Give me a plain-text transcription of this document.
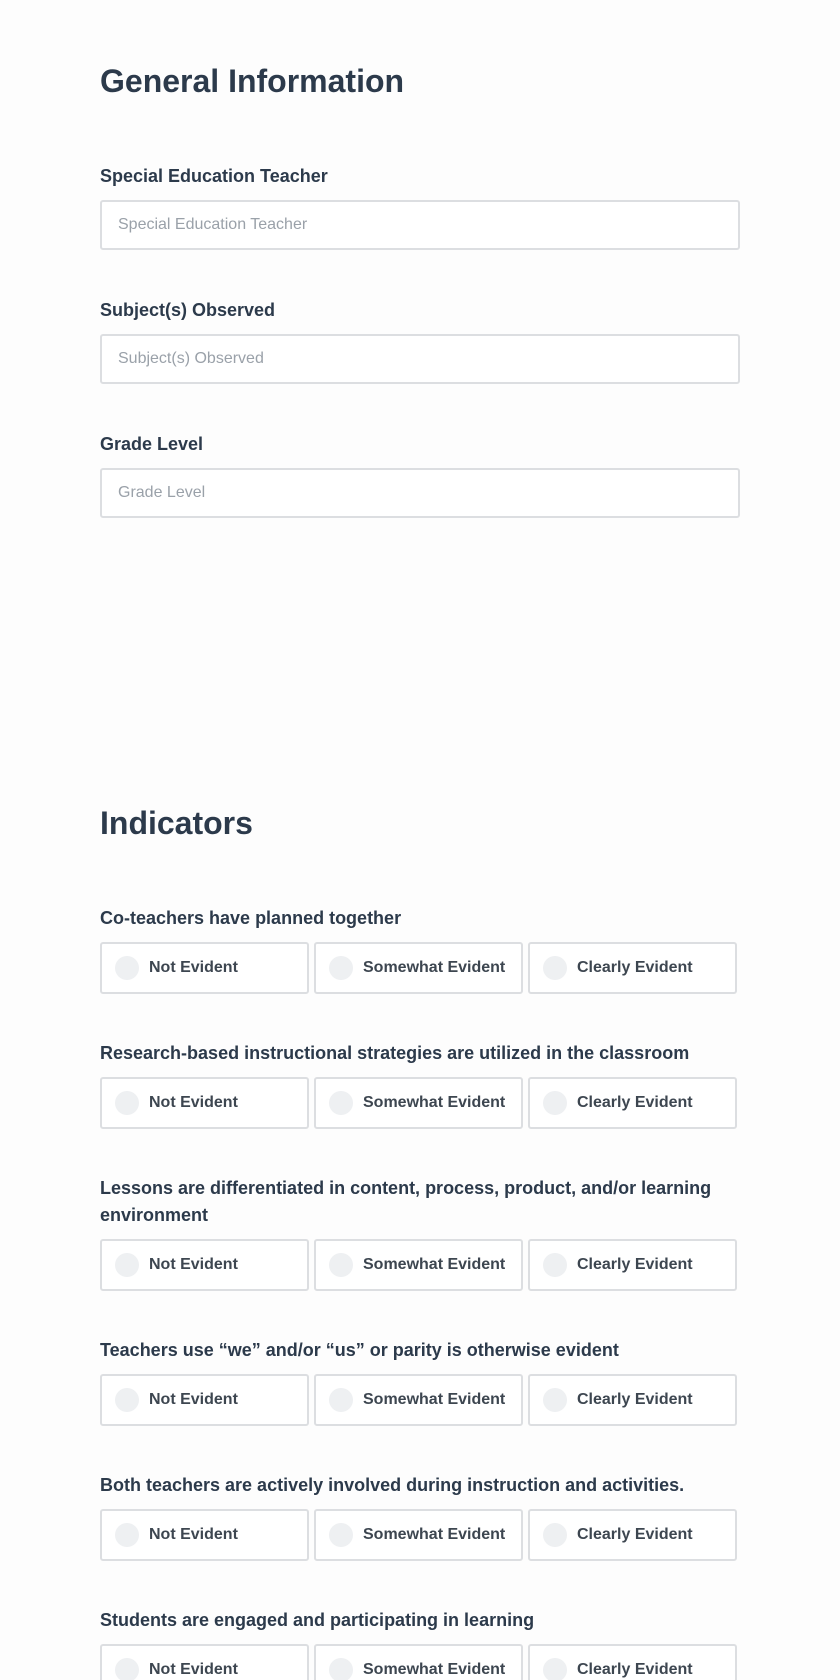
General Information
Special Education Teacher
Special Education Teacher
Subject(s) Observed
Subject(s) Observed
Grade Level
Grade Level
Indicators
Co-teachers have planned together
Not Evident	Somewhat Evident	Clearly Evident
Research-based instructional strategies are utilized in the classroom
Not Evident	Somewhat Evident	Clearly Evident
Lessons are differentiated in content, process, product, and/or learning environment
Not Evident	Somewhat Evident	Clearly Evident
Teachers use “we” and/or “us” or parity is otherwise evident
Not Evident	Somewhat Evident	Clearly Evident
Both teachers are actively involved during instruction and activities.
Not Evident	Somewhat Evident	Clearly Evident
Students are engaged and participating in learning
Not Evident	Somewhat Evident	Clearly Evident
